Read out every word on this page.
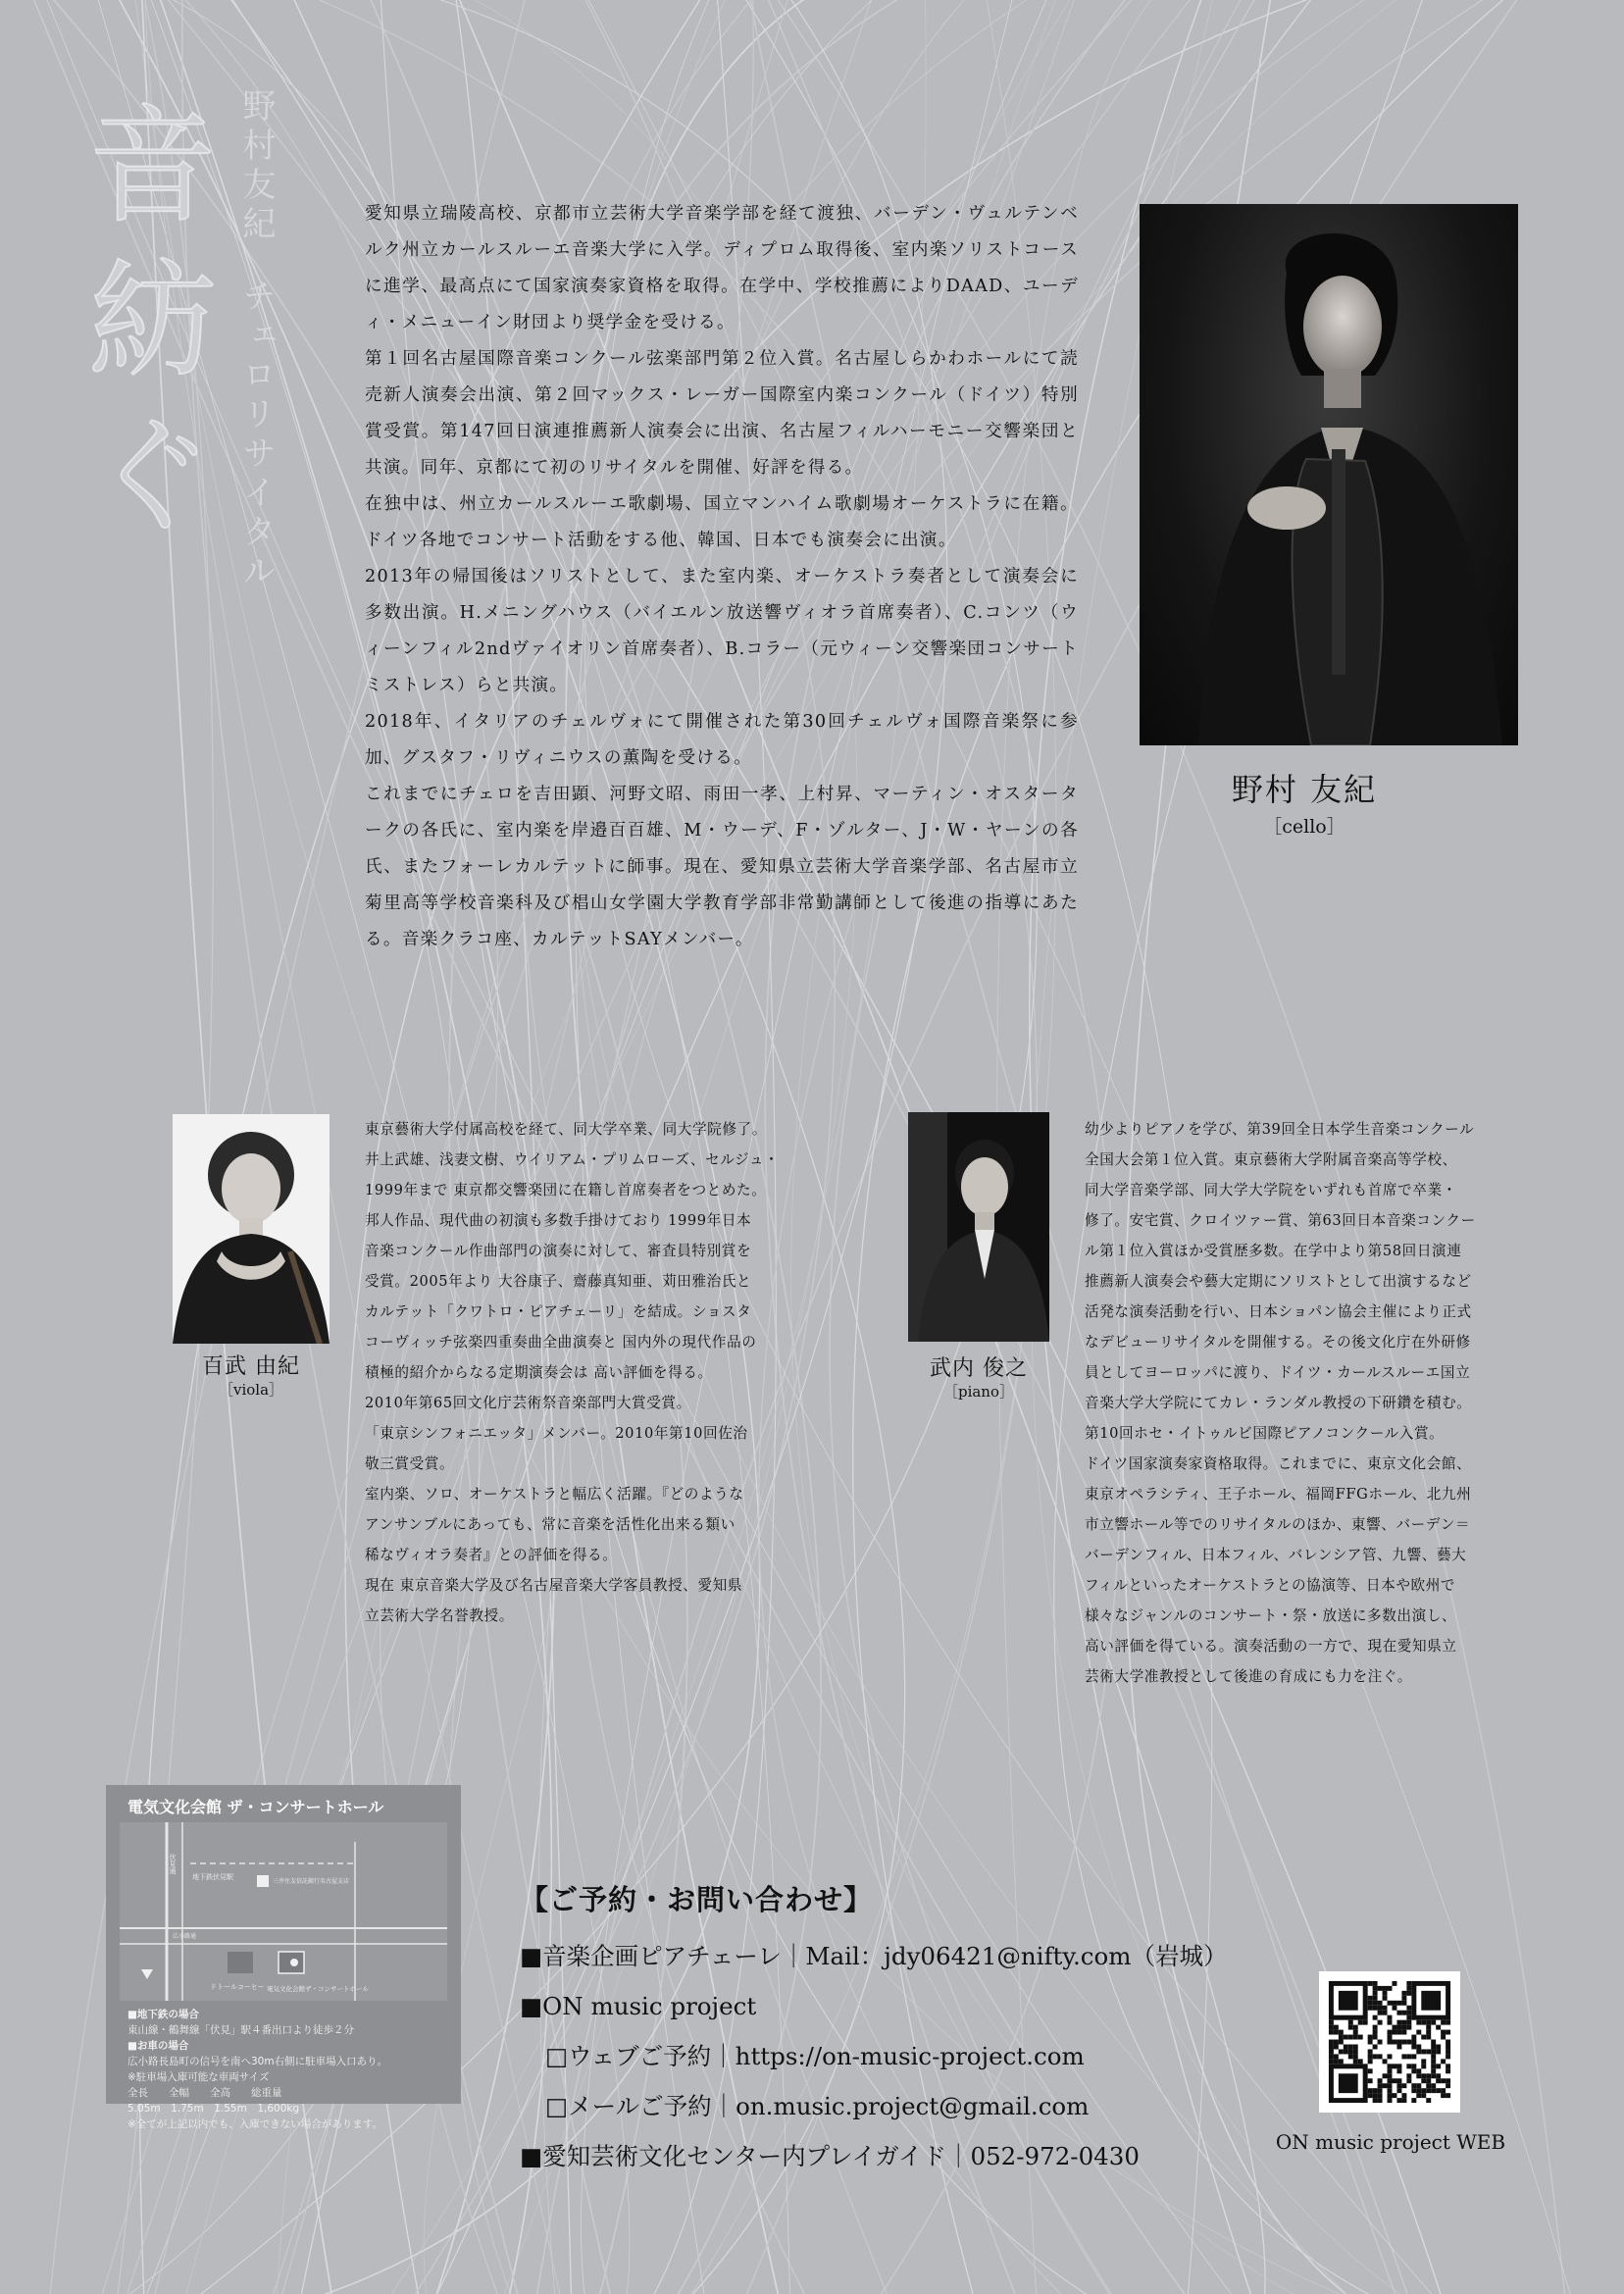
音紡ぐ 野村友紀チェロリサイタル

愛知県立瑞陵高校、京都市立芸術大学音楽学部を経て渡独、バーデン・ヴュルテンベルク州立カールスルーエ音楽大学に入学。ディプロム取得後、室内楽ソリストコースに進学、最高点にて国家演奏家資格を取得。在学中、学校推薦によりDAAD、ユーディ・メニューイン財団より奨学金を受ける。

第１回名古屋国際音楽コンクール弦楽部門第２位入賞。名古屋しらかわホールにて読売新人演奏会出演、第２回マックス・レーガー国際室内楽コンクール（ドイツ）特別賞受賞。第147回日演連推薦新人演奏会に出演、名古屋フィルハーモニー交響楽団と共演。同年、京都にて初のリサイタルを開催、好評を得る。

在独中は、州立カールスルーエ歌劇場、国立マンハイム歌劇場オーケストラに在籍。ドイツ各地でコンサート活動をする他、韓国、日本でも演奏会に出演。

2013年の帰国後はソリストとして、また室内楽、オーケストラ奏者として演奏会に多数出演。H.メニングハウス（バイエルン放送響ヴィオラ首席奏者）、C.コンツ（ウィーンフィル2ndヴァイオリン首席奏者）、B.コラー（元ウィーン交響楽団コンサートミストレス）らと共演。

2018年、イタリアのチェルヴォにて開催された第30回チェルヴォ国際音楽祭に参加、グスタフ・リヴィニウスの薫陶を受ける。

これまでにチェロを吉田顕、河野文昭、雨田一孝、上村昇、マーティン・オスタータークの各氏に、室内楽を岸邉百百雄、M・ウーデ、F・ゾルター、J・W・ヤーンの各氏、またフォーレカルテットに師事。現在、愛知県立芸術大学音楽学部、名古屋市立菊里高等学校音楽科及び椙山女学園大学教育学部非常勤講師として後進の指導にあたる。音楽クラコ座、カルテットSAYメンバー。

野村 友紀
［cello］
百武 由紀
［viola］

東京藝術大学付属高校を経て、同大学卒業、同大学院修了。

井上武雄、浅妻文樹、ウイリアム・プリムローズ、セルジュ・

1999年まで 東京都交響楽団に在籍し首席奏者をつとめた。

邦人作品、現代曲の初演も多数手掛けており 1999年日本

音楽コンクール作曲部門の演奏に対して、審査員特別賞を

受賞。2005年より 大谷康子、齋藤真知亜、苅田雅治氏と

カルテット「クワトロ・ピアチェーリ」を結成。ショスタ

コーヴィッチ弦楽四重奏曲全曲演奏と 国内外の現代作品の

積極的紹介からなる定期演奏会は 高い評価を得る。

2010年第65回文化庁芸術祭音楽部門大賞受賞。

「東京シンフォニエッタ」メンバー。2010年第10回佐治

敬三賞受賞。

室内楽、ソロ、オーケストラと幅広く活躍。『どのような

アンサンブルにあっても、常に音楽を活性化出来る類い

稀なヴィオラ奏者』との評価を得る。

現在 東京音楽大学及び名古屋音楽大学客員教授、愛知県

立芸術大学名誉教授。

武内 俊之
［piano］

幼少よりピアノを学び、第39回全日本学生音楽コンクール

全国大会第１位入賞。東京藝術大学附属音楽高等学校、

同大学音楽学部、同大学大学院をいずれも首席で卒業・

修了。安宅賞、クロイツァー賞、第63回日本音楽コンクー

ル第１位入賞ほか受賞歴多数。在学中より第58回日演連

推薦新人演奏会や藝大定期にソリストとして出演するなど

活発な演奏活動を行い、日本ショパン協会主催により正式

なデビューリサイタルを開催する。その後文化庁在外研修

員としてヨーロッパに渡り、ドイツ・カールスルーエ国立

音楽大学大学院にてカレ・ランダル教授の下研鑽を積む。

第10回ホセ・イトゥルビ国際ピアノコンクール入賞。

ドイツ国家演奏家資格取得。これまでに、東京文化会館、

東京オペラシティ、王子ホール、福岡FFGホール、北九州

市立響ホール等でのリサイタルのほか、東響、バーデン＝

バーデンフィル、日本フィル、バレンシア管、九響、藝大

フィルといったオーケストラとの協演等、日本や欧州で

様々なジャンルのコンサート・祭・放送に多数出演し、

高い評価を得ている。演奏活動の一方で、現在愛知県立

芸術大学准教授として後進の育成にも力を注ぐ。

電気文化会館 ザ・コンサートホール
伏見通
地下鉄伏見駅
三井住友信託銀行名古屋支店
広小路通
ドトールコーヒー 電気文化会館ザ・コンサートホール
■地下鉄の場合
東山線・鶴舞線「伏見」駅４番出口より徒歩２分
■お車の場合
広小路長島町の信号を南へ30m右側に駐車場入口あり。
※駐車場入庫可能な車両サイズ
全長　　全幅　　全高　　総重量
5.05m　1.75m　1.55m　1,600kg
※全てが上記以内でも、入庫できない場合があります。
【ご予約・お問い合わせ】
■音楽企画ピアチェーレ｜Mail：jdy06421@nifty.com（岩城）
■ON music project
□ウェブご予約｜https://on-music-project.com
□メールご予約｜on.music.project@gmail.com
■愛知芸術文化センター内プレイガイド｜052-972-0430	ON music project WEB
